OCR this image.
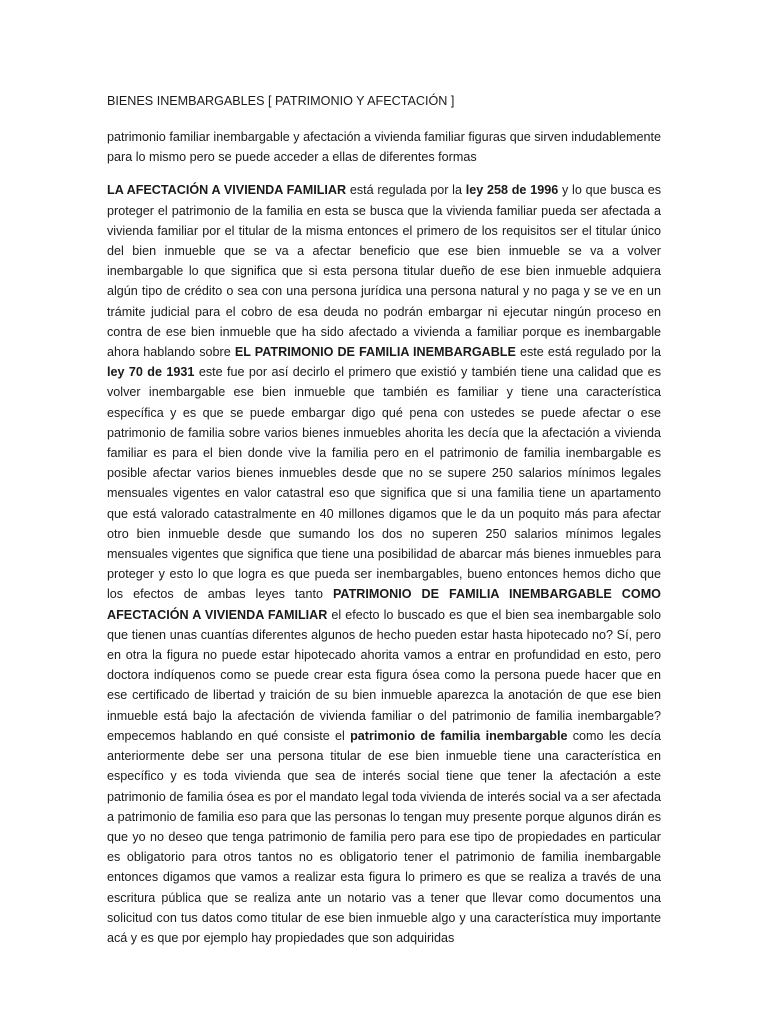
BIENES INEMBARGABLES [ PATRIMONIO Y AFECTACIÓN ]

patrimonio familiar inembargable y afectación a vivienda familiar figuras que sirven indudablemente para lo mismo pero se puede acceder a ellas de diferentes formas

LA AFECTACIÓN A VIVIENDA FAMILIAR está regulada por la ley 258 de 1996 y lo que busca es proteger el patrimonio de la familia en esta se busca que la vivienda familiar pueda ser afectada a vivienda familiar por el titular de la misma entonces el primero de los requisitos ser el titular único del bien inmueble que se va a afectar beneficio que ese bien inmueble se va a volver inembargable lo que significa que si esta persona titular dueño de ese bien inmueble adquiera algún tipo de crédito o sea con una persona jurídica una persona natural y no paga y se ve en un trámite judicial para el cobro de esa deuda no podrán embargar ni ejecutar ningún proceso en contra de ese bien inmueble que ha sido afectado a vivienda a familiar porque es inembargable ahora hablando sobre EL PATRIMONIO DE FAMILIA INEMBARGABLE este está regulado por la ley 70 de 1931 este fue por así decirlo el primero que existió y también tiene una calidad que es volver inembargable ese bien inmueble que también es familiar y tiene una característica específica y es que se puede embargar digo qué pena con ustedes se puede afectar o ese patrimonio de familia sobre varios bienes inmuebles ahorita les decía que la afectación a vivienda familiar es para el bien donde vive la familia pero en el patrimonio de familia inembargable es posible afectar varios bienes inmuebles desde que no se supere 250 salarios mínimos legales mensuales vigentes en valor catastral eso que significa que si una familia tiene un apartamento que está valorado catastralmente en 40 millones digamos que le da un poquito más para afectar otro bien inmueble desde que sumando los dos no superen 250 salarios mínimos legales mensuales vigentes que significa que tiene una posibilidad de abarcar más bienes inmuebles para proteger y esto lo que logra es que pueda ser inembargables, bueno entonces hemos dicho que los efectos de ambas leyes tanto PATRIMONIO DE FAMILIA INEMBARGABLE COMO AFECTACIÓN A VIVIENDA FAMILIAR el efecto lo buscado es que el bien sea inembargable solo que tienen unas cuantías diferentes algunos de hecho pueden estar hasta hipotecado no? Sí, pero en otra la figura no puede estar hipotecado ahorita vamos a entrar en profundidad en esto, pero doctora indíquenos como se puede crear esta figura ósea como la persona puede hacer que en ese certificado de libertad y traición de su bien inmueble aparezca la anotación de que ese bien inmueble está bajo la afectación de vivienda familiar o del patrimonio de familia inembargable? empecemos hablando en qué consiste el patrimonio de familia inembargable como les decía anteriormente debe ser una persona titular de ese bien inmueble tiene una característica en específico y es toda vivienda que sea de interés social tiene que tener la afectación a este patrimonio de familia ósea es por el mandato legal toda vivienda de interés social va a ser afectada a patrimonio de familia eso para que las personas lo tengan muy presente porque algunos dirán es que yo no deseo que tenga patrimonio de familia pero para ese tipo de propiedades en particular es obligatorio para otros tantos no es obligatorio tener el patrimonio de familia inembargable entonces digamos que vamos a realizar esta figura lo primero es que se realiza a través de una escritura pública que se realiza ante un notario vas a tener que llevar como documentos una solicitud con tus datos como titular de ese bien inmueble algo y una característica muy importante acá y es que por ejemplo hay propiedades que son adquiridas
